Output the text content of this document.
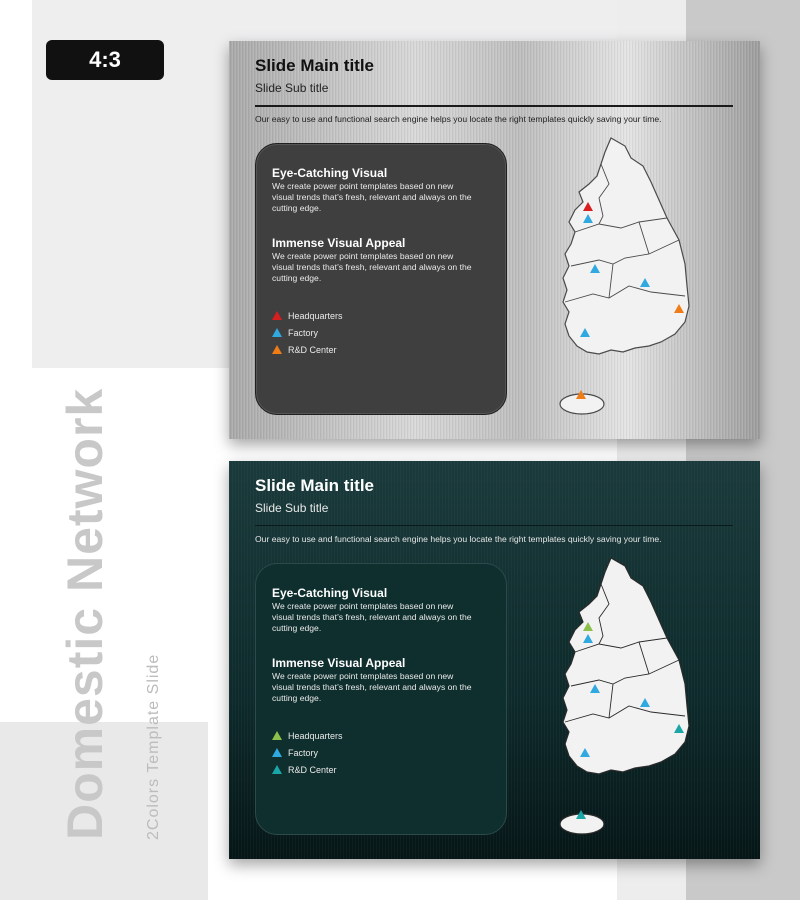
4:3
Domestic Network 2Colors Template Slide
Slide Main title
Slide Sub title
Our easy to use and functional search engine helps you locate the right templates quickly saving your time.
Eye-Catching Visual
We create power point templates based on new visual trends that’s fresh, relevant and always on the cutting edge.
Immense Visual Appeal
We create power point templates based on new visual trends that’s fresh, relevant and always on the cutting edge.
Headquarters
Factory
R&D Center
Slide Main title
Slide Sub title
Our easy to use and functional search engine helps you locate the right templates quickly saving your time.
Eye-Catching Visual
We create power point templates based on new visual trends that’s fresh, relevant and always on the cutting edge.
Immense Visual Appeal
We create power point templates based on new visual trends that’s fresh, relevant and always on the cutting edge.
Headquarters
Factory
R&D Center
